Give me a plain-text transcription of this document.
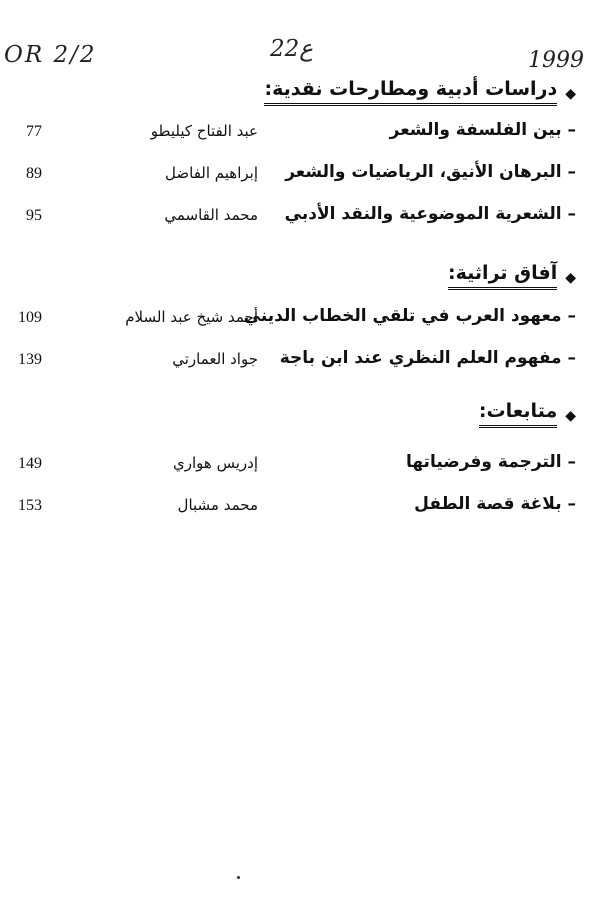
OR 2/2	22ع	1999
◆
دراسات أدبية ومطارحات نقدية:
– بين الفلسفة والشعر
عبد الفتاح كيليطو
77
– البرهان الأنيق، الرياضيات والشعر
إبراهيم الفاضل
89
– الشعرية الموضوعية والنقد الأدبي
محمد القاسمي
95
◆
آفاق تراثية:
– معهود العرب في تلقي الخطاب الديني
أحمد شيخ عبد السلام
109
– مفهوم العلم النظري عند ابن باجة
جواد العمارتي
139
◆
متابعات:
– الترجمة وفرضياتها
إدريس هواري
149
– بلاغة قصة الطفل
محمد مشبال
153
